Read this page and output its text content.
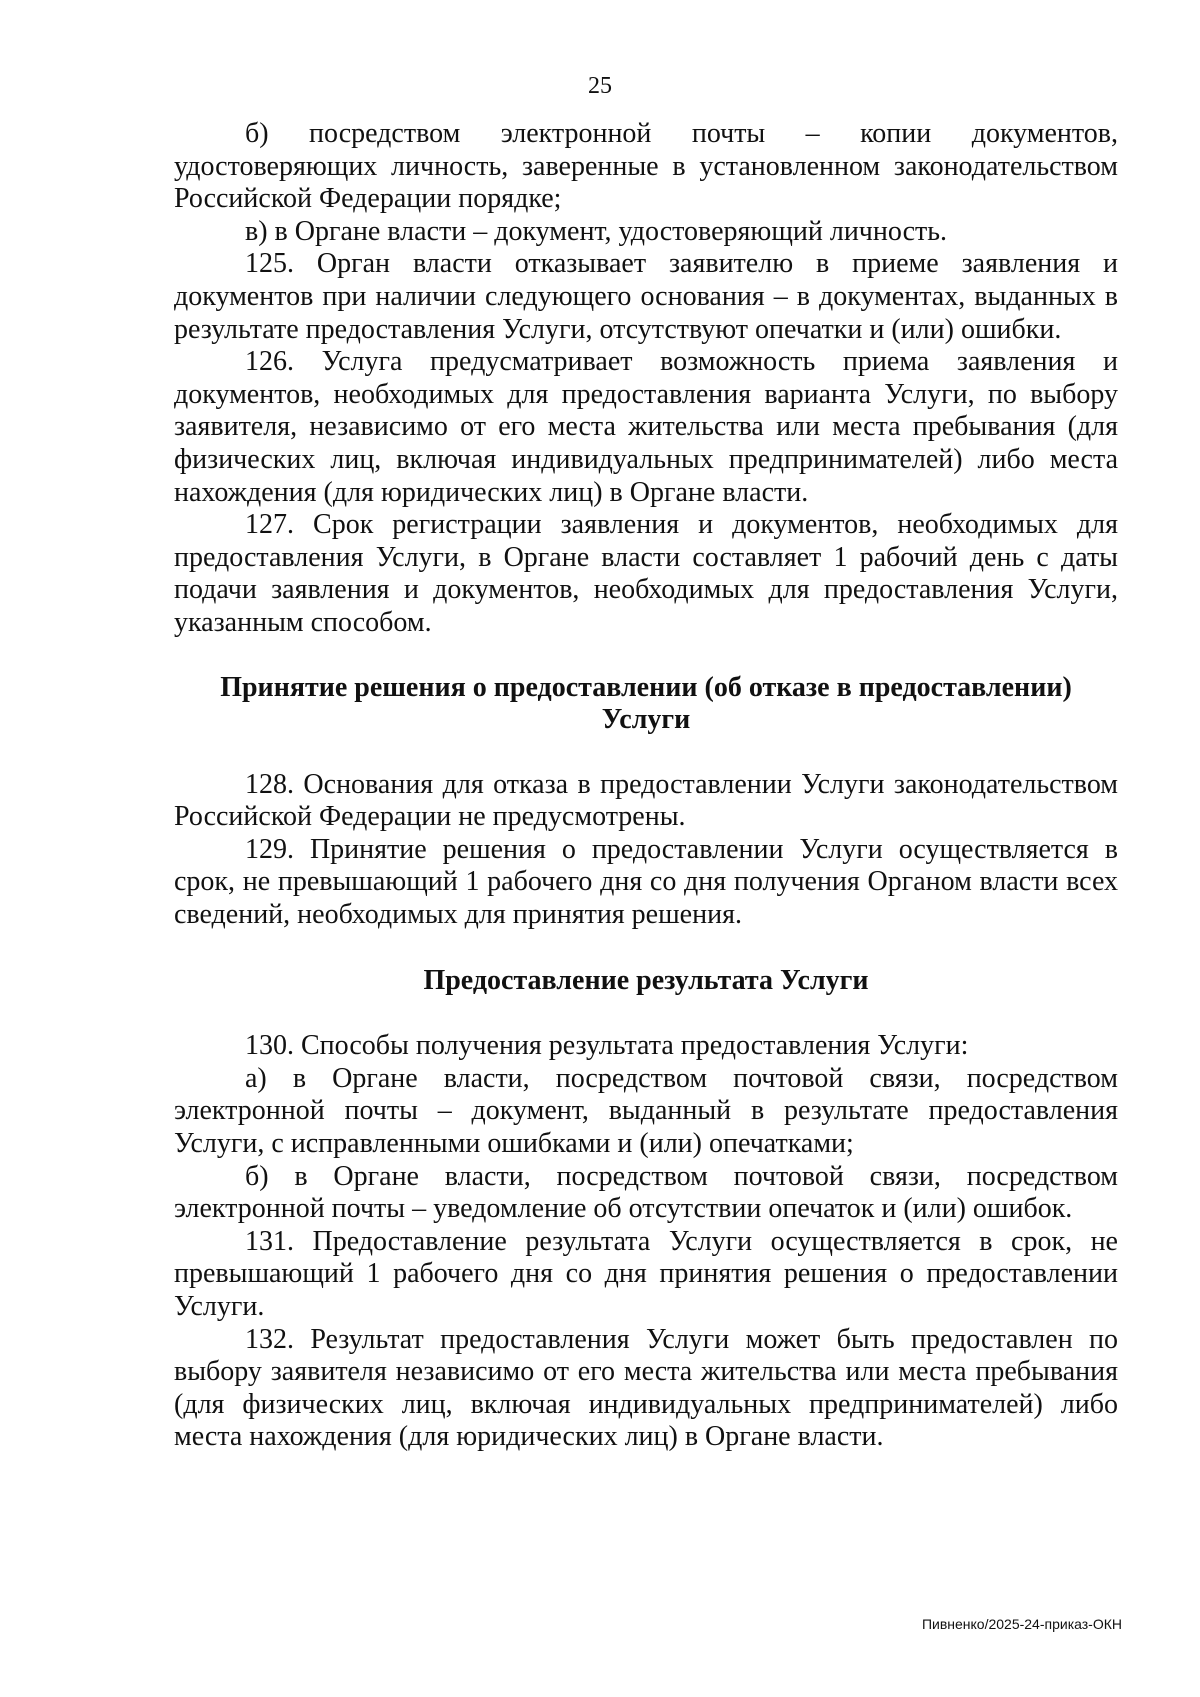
25

б) посредством электронной почты – копии документов, удостоверяющих личность, заверенные в установленном законодательством Российской Федерации порядке;

в) в Органе власти – документ, удостоверяющий личность.

125. Орган власти отказывает заявителю в приеме заявления и документов при наличии следующего основания – в документах, выданных в результате предоставления Услуги, отсутствуют опечатки и (или) ошибки.

126. Услуга предусматривает возможность приема заявления и документов, необходимых для предоставления варианта Услуги, по выбору заявителя, независимо от его места жительства или места пребывания (для физических лиц, включая индивидуальных предпринимателей) либо места нахождения (для юридических лиц) в Органе власти.

127. Срок регистрации заявления и документов, необходимых для предоставления Услуги, в Органе власти составляет 1 рабочий день с даты подачи заявления и документов, необходимых для предоставления Услуги, указанным способом.

Принятие решения о предоставлении (об отказе в предоставлении)
Услуги

128. Основания для отказа в предоставлении Услуги законодательством Российской Федерации не предусмотрены.

129. Принятие решения о предоставлении Услуги осуществляется в срок, не превышающий 1 рабочего дня со дня получения Органом власти всех сведений, необходимых для принятия решения.

Предоставление результата Услуги

130. Способы получения результата предоставления Услуги:

а) в Органе власти, посредством почтовой связи, посредством электронной почты – документ, выданный в результате предоставления Услуги, с исправленными ошибками и (или) опечатками;

б) в Органе власти, посредством почтовой связи, посредством электронной почты – уведомление об отсутствии опечаток и (или) ошибок.

131. Предоставление результата Услуги осуществляется в срок, не превышающий 1 рабочего дня со дня принятия решения о предоставлении Услуги.

132. Результат предоставления Услуги может быть предоставлен по выбору заявителя независимо от его места жительства или места пребывания (для физических лиц, включая индивидуальных предпринимателей) либо места нахождения (для юридических лиц) в Органе власти.

Пивненко/2025-24-приказ-ОКН
